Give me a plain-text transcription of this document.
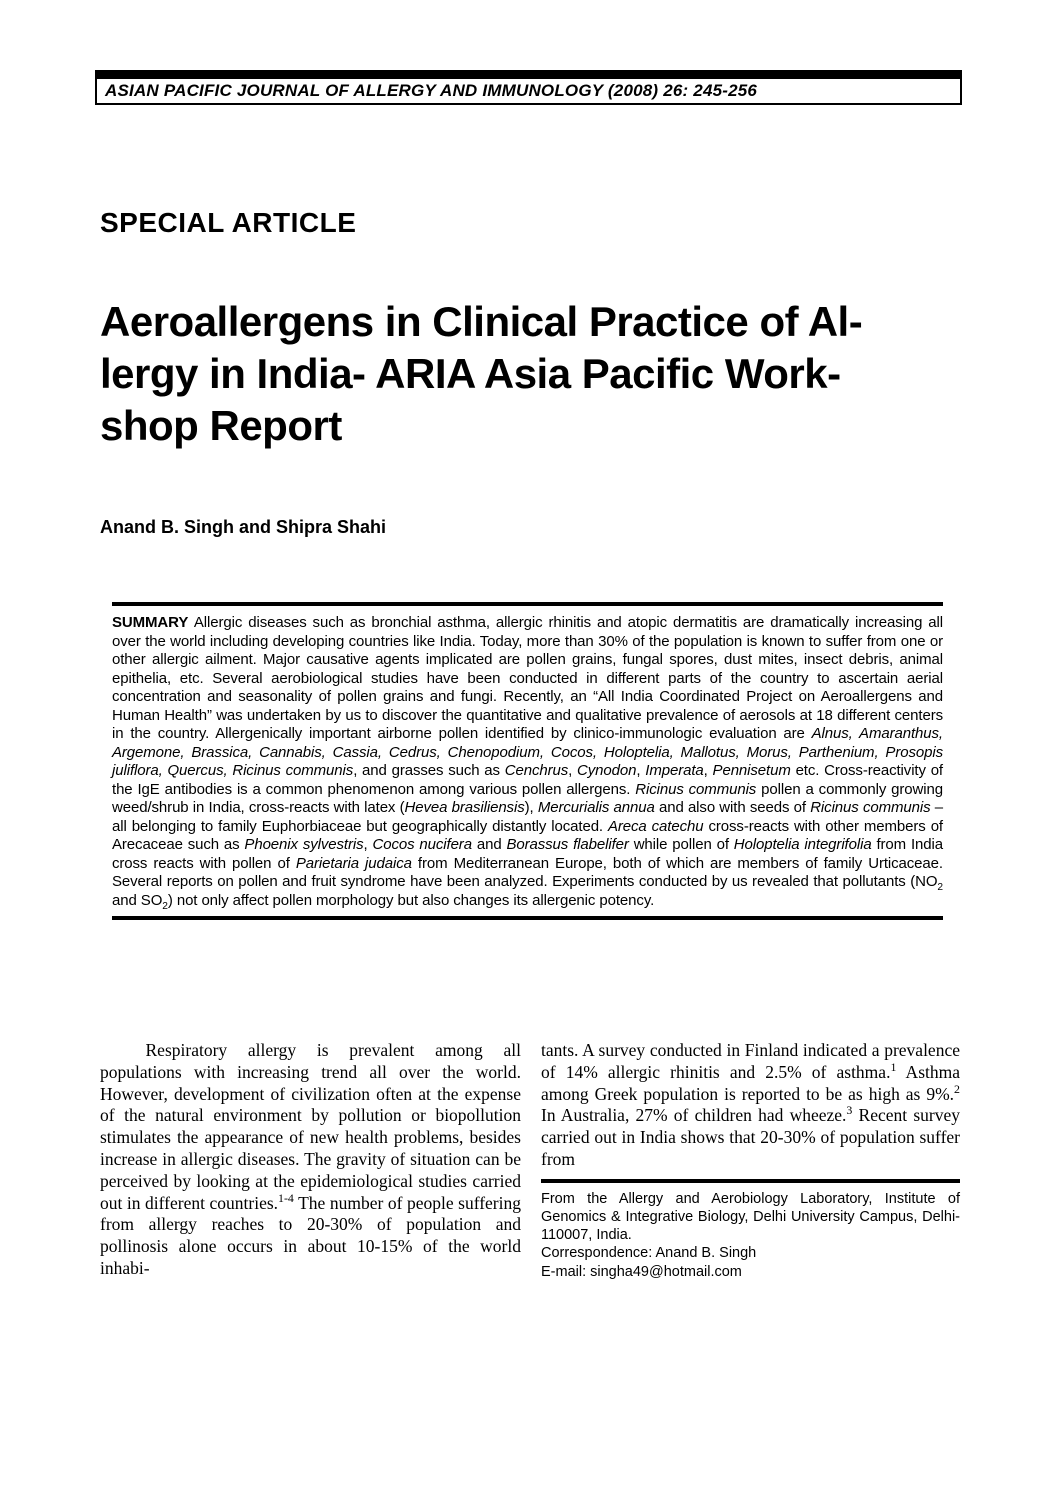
ASIAN PACIFIC JOURNAL OF ALLERGY AND IMMUNOLOGY (2008) 26: 245-256
SPECIAL ARTICLE
Aeroallergens in Clinical Practice of Al-
lergy in India- ARIA Asia Pacific Work-
shop Report
Anand B. Singh and Shipra Shahi
SUMMARY Allergic diseases such as bronchial asthma, allergic rhinitis and atopic dermatitis are dramatically increasing all over the world including developing countries like India. Today, more than 30% of the population is known to suffer from one or other allergic ailment. Major causative agents implicated are pollen grains, fungal spores, dust mites, insect debris, animal epithelia, etc. Several aerobiological studies have been conducted in different parts of the country to ascertain aerial concentration and seasonality of pollen grains and fungi. Recently, an “All India Coordinated Project on Aeroallergens and Human Health” was undertaken by us to discover the quantitative and qualitative prevalence of aerosols at 18 different centers in the country. Allergenically important airborne pollen identified by clinico-immunologic evaluation are Alnus, Amaranthus, Argemone, Brassica, Cannabis, Cassia, Cedrus, Chenopodium, Cocos, Holoptelia, Mallotus, Morus, Parthenium, Prosopis juliflora, Quercus, Ricinus communis, and grasses such as Cenchrus, Cynodon, Imperata, Pennisetum etc. Cross-reactivity of the IgE antibodies is a common phenomenon among various pollen allergens. Ricinus communis pollen a commonly growing weed/shrub in India, cross-reacts with latex (Hevea brasiliensis), Mercurialis annua and also with seeds of Ricinus communis – all belonging to family Euphorbiaceae but geographically distantly located. Areca catechu cross-reacts with other members of Arecaceae such as Phoenix sylvestris, Cocos nucifera and Borassus flabelifer while pollen of Holoptelia integrifolia from India cross reacts with pollen of Parietaria judaica from Mediterranean Europe, both of which are members of family Urticaceae. Several reports on pollen and fruit syndrome have been analyzed. Experiments conducted by us revealed that pollutants ($NO_2$ and $SO_2$) not only affect pollen morphology but also changes its allergenic potency.
Respiratory allergy is prevalent among all populations with increasing trend all over the world. However, development of civilization often at the expense of the natural environment by pollution or biopollution stimulates the appearance of new health problems, besides increase in allergic diseases. The gravity of situation can be perceived by looking at the epidemiological studies carried out in different countries.$^{1-4}$ The number of people suffering from allergy reaches to 20-30% of population and pollinosis alone occurs in about 10-15% of the world inhabi-
tants. A survey conducted in Finland indicated a prevalence of 14% allergic rhinitis and 2.5% of asthma.$^1$ Asthma among Greek population is reported to be as high as 9%.$^2$ In Australia, 27% of children had wheeze.$^3$ Recent survey carried out in India shows that 20-30% of population suffer from
From the Allergy and Aerobiology Laboratory, Institute of Genomics & Integrative Biology, Delhi University Campus, Delhi-110007, India.
Correspondence: Anand B. Singh
E-mail: singha49@hotmail.com
